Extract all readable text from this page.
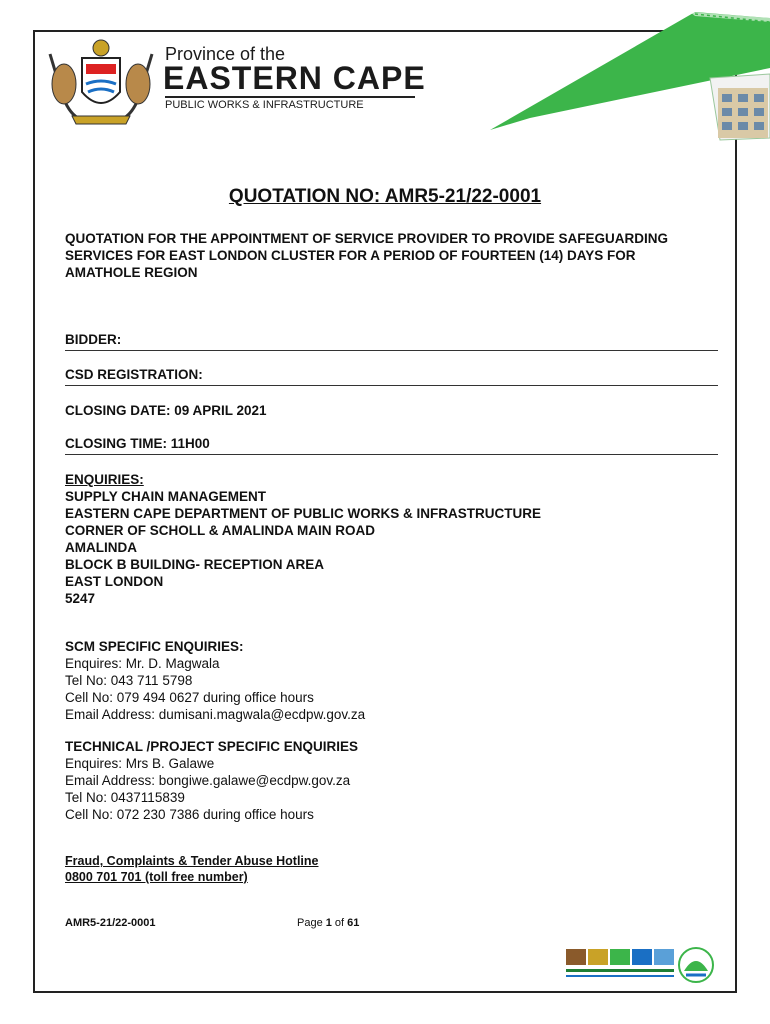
Province of the
EASTERN CAPE
PUBLIC WORKS & INFRASTRUCTURE
QUOTATION NO: AMR5-21/22-0001
QUOTATION FOR THE APPOINTMENT OF SERVICE PROVIDER TO PROVIDE SAFEGUARDING SERVICES FOR EAST LONDON CLUSTER FOR A PERIOD OF FOURTEEN (14) DAYS FOR AMATHOLE REGION
BIDDER:
CSD REGISTRATION:
CLOSING DATE: 09 APRIL 2021
CLOSING TIME: 11H00
ENQUIRIES:
SUPPLY CHAIN MANAGEMENT
EASTERN CAPE DEPARTMENT OF PUBLIC WORKS & INFRASTRUCTURE
CORNER OF SCHOLL & AMALINDA MAIN ROAD
AMALINDA
BLOCK B BUILDING- RECEPTION AREA
EAST LONDON
5247
SCM SPECIFIC ENQUIRIES:
Enquires: Mr. D. Magwala
Tel No: 043 711 5798
Cell No: 079 494 0627 during office hours
Email Address: dumisani.magwala@ecdpw.gov.za
TECHNICAL /PROJECT SPECIFIC ENQUIRIES
Enquires: Mrs B. Galawe
Email Address: bongiwe.galawe@ecdpw.gov.za
Tel No: 0437115839
Cell No: 072 230 7386 during office hours
Fraud, Complaints & Tender Abuse Hotline
0800 701 701 (toll free number)
AMR5-21/22-0001	Page 1 of 61
